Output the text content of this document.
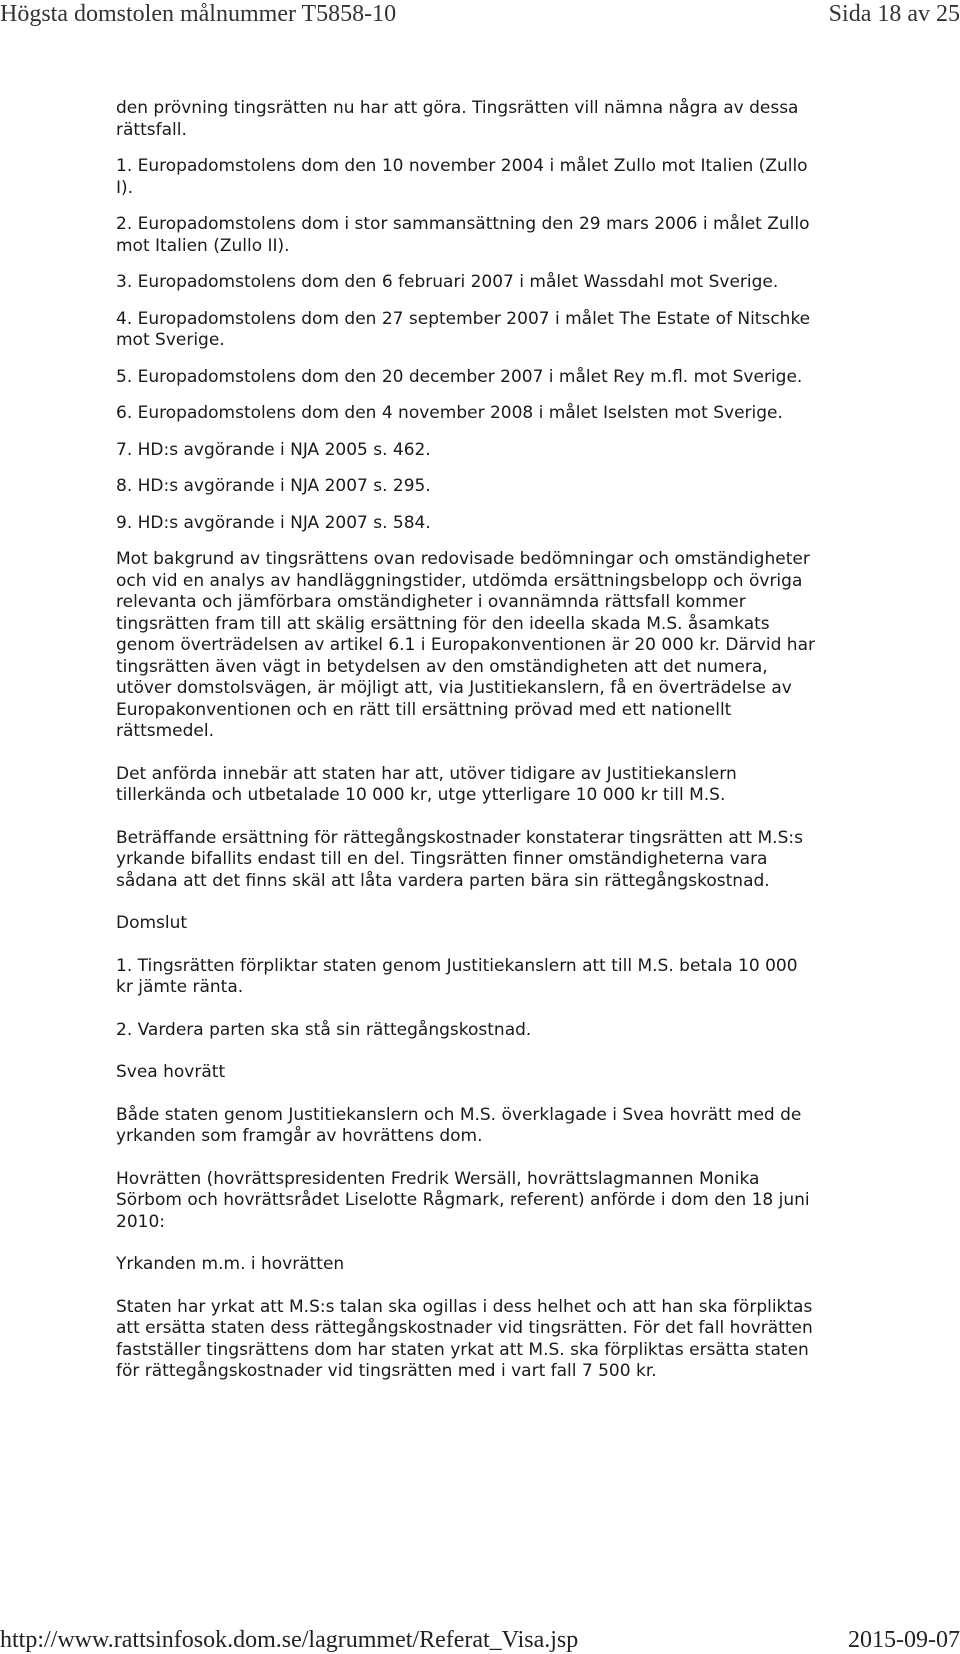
Högsta domstolen målnummer T5858-10	Sida 18 av 25

den prövning tingsrätten nu har att göra. Tingsrätten vill nämna några av dessa rättsfall.

1. Europadomstolens dom den 10 november 2004 i målet Zullo mot Italien (Zullo I).
2. Europadomstolens dom i stor sammansättning den 29 mars 2006 i målet Zullo mot Italien (Zullo II).
3. Europadomstolens dom den 6 februari 2007 i målet Wassdahl mot Sverige.
4. Europadomstolens dom den 27 september 2007 i målet The Estate of Nitschke mot Sverige.
5. Europadomstolens dom den 20 december 2007 i målet Rey m.fl. mot Sverige.
6. Europadomstolens dom den 4 november 2008 i målet Iselsten mot Sverige.
7. HD:s avgörande i NJA 2005 s. 462.
8. HD:s avgörande i NJA 2007 s. 295.
9. HD:s avgörande i NJA 2007 s. 584.

Mot bakgrund av tingsrättens ovan redovisade bedömningar och omständigheter och vid en analys av handläggningstider, utdömda ersättningsbelopp och övriga relevanta och jämförbara omständigheter i ovannämnda rättsfall kommer tingsrätten fram till att skälig ersättning för den ideella skada M.S. åsamkats genom överträdelsen av artikel 6.1 i Europakonventionen är 20 000 kr. Därvid har tingsrätten även vägt in betydelsen av den omständigheten att det numera, utöver domstolsvägen, är möjligt att, via Justitiekanslern, få en överträdelse av Europakonventionen och en rätt till ersättning prövad med ett nationellt rättsmedel.

Det anförda innebär att staten har att, utöver tidigare av Justitiekanslern tillerkända och utbetalade 10 000 kr, utge ytterligare 10 000 kr till M.S.

Beträffande ersättning för rättegångskostnader konstaterar tingsrätten att M.S:s yrkande bifallits endast till en del. Tingsrätten finner omständigheterna vara sådana att det finns skäl att låta vardera parten bära sin rättegångskostnad.

Domslut

1. Tingsrätten förpliktar staten genom Justitiekanslern att till M.S. betala 10 000 kr jämte ränta.

2. Vardera parten ska stå sin rättegångskostnad.

Svea hovrätt

Både staten genom Justitiekanslern och M.S. överklagade i Svea hovrätt med de yrkanden som framgår av hovrättens dom.

Hovrätten (hovrättspresidenten Fredrik Wersäll, hovrättslagmannen Monika Sörbom och hovrättsrådet Liselotte Rågmark, referent) anförde i dom den 18 juni 2010:

Yrkanden m.m. i hovrätten

Staten har yrkat att M.S:s talan ska ogillas i dess helhet och att han ska förpliktas att ersätta staten dess rättegångskostnader vid tingsrätten. För det fall hovrätten fastställer tingsrättens dom har staten yrkat att M.S. ska förpliktas ersätta staten för rättegångskostnader vid tingsrätten med i vart fall 7 500 kr.

http://www.rattsinfosok.dom.se/lagrummet/Referat_Visa.jsp	2015-09-07
